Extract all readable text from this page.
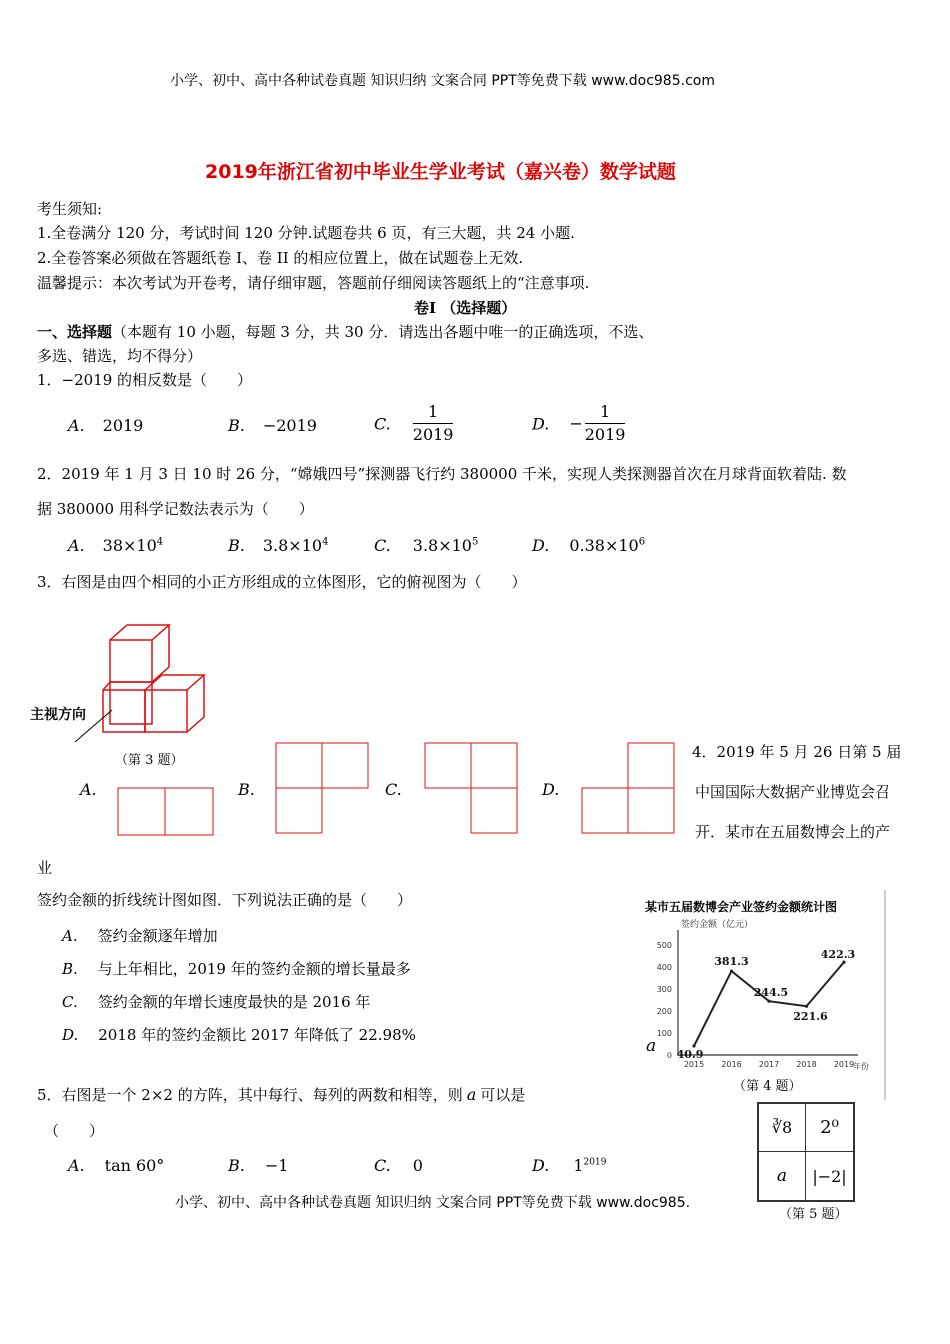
小学、初中、高中各种试卷真题 知识归纳 文案合同 PPT等免费下载 www.doc985.com
2019年浙江省初中毕业生学业考试（嘉兴卷）数学试题
考生须知:
1.全卷满分 120 分，考试时间 120 分钟.试题卷共 6 页，有三大题，共 24 小题.
2.全卷答案必须做在答题纸卷 I、卷 II 的相应位置上，做在试题卷上无效.
温馨提示：本次考试为开卷考，请仔细审题，答题前仔细阅读答题纸上的“注意事项.
卷Ⅰ （选择题）
一、选择题（本题有 10 小题，每题 3 分，共 30 分．请选出各题中唯一的正确选项，不选、
多选、错选，均不得分）
1．−2019 的相反数是（　　）
A. 2019	B. −2019	C. $\frac{1}{2019}$	D. − $\frac{1}{2019}$
2．2019 年 1 月 3 日 10 时 26 分，“嫦娥四号”探测器飞行约 380000 千米，实现人类探测器首次在月球背面软着陆. 数
据 380000 用科学记数法表示为（　　）
A. $38\times 10^4$	B. $3.8\times 10^4$	C. $3.8\times 10^5$	D. $0.38\times 10^6$
3．右图是由四个相同的小正方形组成的立体图形，它的俯视图为（　　）
主视方向
（第 3 题）
A.	B.	C.	D.
4．2019 年 5 月 26 日第 5 届
中国国际大数据产业博览会召
开．某市在五届数博会上的产
业
签约金额的折线统计图如图．下列说法正确的是（　　）
A. 签约金额逐年增加
B. 与上年相比，2019 年的签约金额的增长量最多
C. 签约金额的年增长速度最快的是 2016 年
D. 2018 年的签约金额比 2017 年降低了 22.98%
某市五届数博会产业签约金额统计图
签约金额（亿元）
年份
100
200
300
400
500
0
2015 2016 2017 2018 2019
40.9
381.3
244.5
221.6
422.3
a
（第 4 题）
5．右图是一个 2×2 的方阵，其中每行、每列的两数和相等，则 a 可以是
（　　）
A. tan 60°	B. −1	C. 0	D. $1^{2019}$
∛8	2⁰
a	|−2|
（第 5 题）
小学、初中、高中各种试卷真题 知识归纳 文案合同 PPT等免费下载 www.doc985.
